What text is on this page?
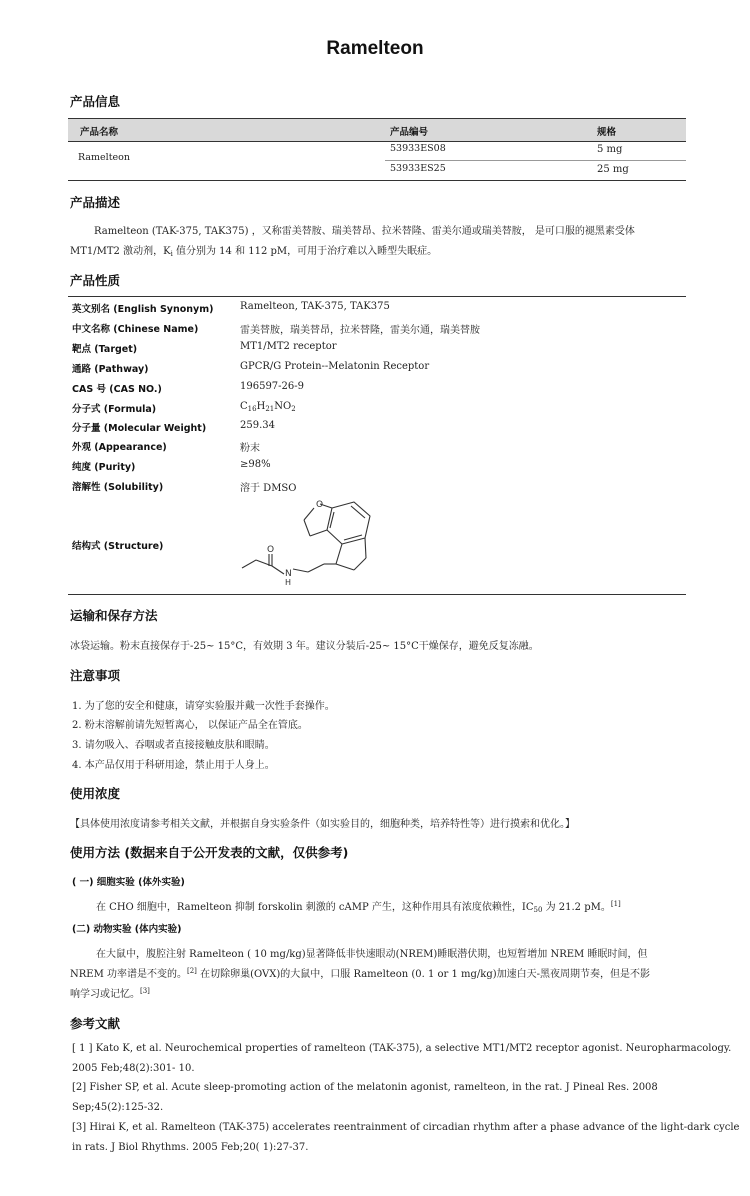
Ramelteon
产品信息
产品名称	产品编号	规格
Ramelteon
53933ES08	5 mg
53933ES25	25 mg
产品描述
Ramelteon (TAK-375, TAK375) ，又称雷美替胺、瑞美替昂、拉米替隆、雷美尔通或瑞美替胺， 是可口服的褪黑素受体
MT1/MT2 激动剂，$K_i$ 值分别为 14 和 112 pM，可用于治疗难以入睡型失眠症。
产品性质
英文别名 (English Synonym)	Ramelteon, TAK-375, TAK375
中文名称 (Chinese Name)	雷美替胺，瑞美替昂，拉米替隆，雷美尔通，瑞美替胺
靶点 (Target)	MT1/MT2 receptor
通路 (Pathway)	GPCR/G Protein--Melatonin Receptor
CAS 号 (CAS NO.)	196597-26-9
分子式 (Formula)	$C_{16}H_{21}NO_2$
分子量 (Molecular Weight)	259.34
外观 (Appearance)	粉末
纯度 (Purity)	≥98%
溶解性 (Solubility)	溶于 DMSO
结构式 (Structure)
O
N
H
O
运输和保存方法
冰袋运输。粉末直接保存于-25~ 15°C，有效期 3 年。建议分装后-25~ 15°C干燥保存，避免反复冻融。
注意事项
1. 为了您的安全和健康，请穿实验服并戴一次性手套操作。
2. 粉末溶解前请先短暂离心， 以保证产品全在管底。
3. 请勿吸入、吞咽或者直接接触皮肤和眼睛。
4. 本产品仅用于科研用途，禁止用于人身上。
使用浓度
【具体使用浓度请参考相关文献，并根据自身实验条件（如实验目的，细胞种类，培养特性等）进行摸索和优化。】
使用方法 (数据来自于公开发表的文献，仅供参考)
( 一) 细胞实验 (体外实验)
在 CHO 细胞中，Ramelteon 抑制 forskolin 刺激的 cAMP 产生，这种作用具有浓度依赖性，$IC_{50}$ 为 21.2 pM。[1]
(二) 动物实验 (体内实验)
在大鼠中，腹腔注射 Ramelteon ( 10 mg/kg)显著降低非快速眼动(NREM)睡眠潜伏期，也短暂增加 NREM 睡眠时间，但
NREM 功率谱是不变的。[2] 在切除卵巢(OVX)的大鼠中，口服 Ramelteon (0. 1 or 1 mg/kg)加速白天-黑夜周期节奏，但是不影
响学习或记忆。[3]
参考文献
[ 1 ] Kato K, et al. Neurochemical properties of ramelteon (TAK-375), a selective MT1/MT2 receptor agonist. Neuropharmacology.
2005 Feb;48(2):301- 10.
[2] Fisher SP, et al. Acute sleep-promoting action of the melatonin agonist, ramelteon, in the rat. J Pineal Res. 2008
Sep;45(2):125-32.
[3] Hirai K, et al. Ramelteon (TAK-375) accelerates reentrainment of circadian rhythm after a phase advance of the light-dark cycle
in rats. J Biol Rhythms. 2005 Feb;20( 1):27-37.
